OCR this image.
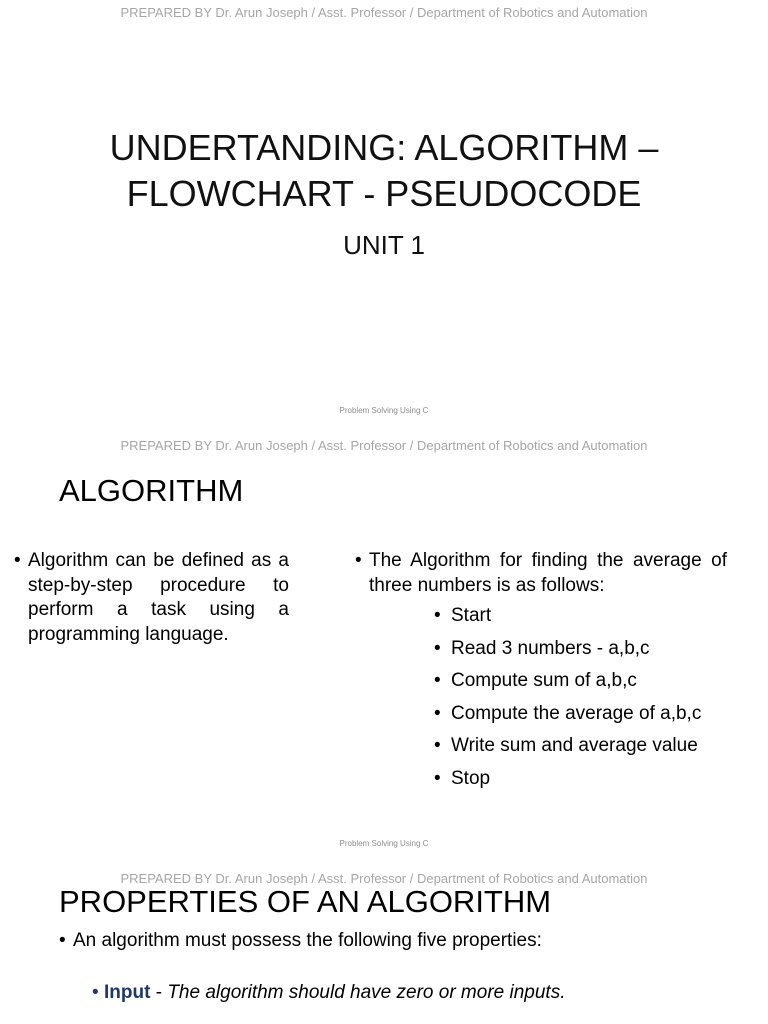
PREPARED BY Dr. Arun Joseph / Asst. Professor / Department of Robotics and Automation
UNDERTANDING: ALGORITHM –
FLOWCHART - PSEUDOCODE
UNIT 1
Problem Solving Using C
PREPARED BY Dr. Arun Joseph / Asst. Professor / Department of Robotics and Automation
ALGORITHM
• Algorithm can be defined as a step-by-step procedure to perform a task using a programming language.
• The Algorithm for finding the average of three numbers is as follows:
• Start
• Read 3 numbers - a,b,c
• Compute sum of a,b,c
• Compute the average of a,b,c
• Write sum and average value
• Stop
Problem Solving Using C
PREPARED BY Dr. Arun Joseph / Asst. Professor / Department of Robotics and Automation
PROPERTIES OF AN ALGORITHM
• An algorithm must possess the following five properties:
• Input - The algorithm should have zero or more inputs.
